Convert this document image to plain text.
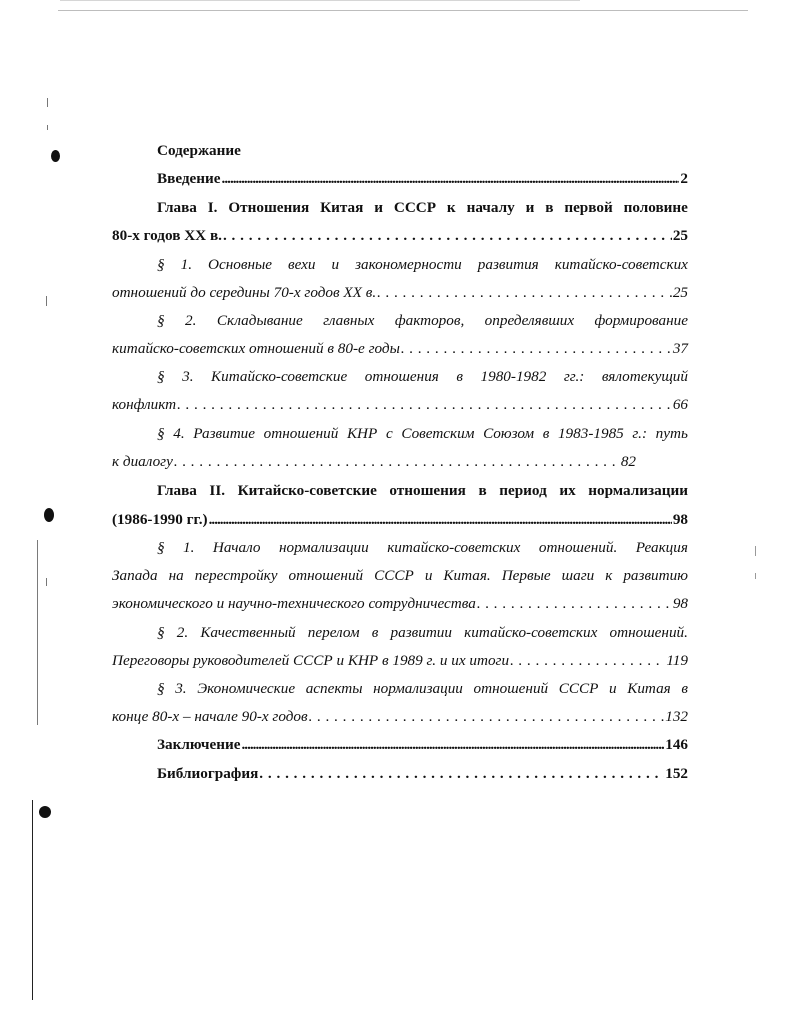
Содержание
Введение .....	2
Глава I. Отношения Китая и СССР к началу и в первой половине
80-х годов ХХ в. . . .	25
§ 1. Основные вехи и закономерности развития китайско-советских
отношений до середины 70-х годов ХХ в. . . .	25
§ 2. Складывание главных факторов, определявших формирование
китайско-советских отношений в 80-е годы . . .	37
§ 3. Китайско-советские отношения в 1980-1982 гг.: вялотекущий
конфликт . . .	66
§ 4. Развитие отношений КНР с Советским Союзом в 1983-1985 г.: путь
к диалогу . . .	82
Глава II. Китайско-советские отношения в период их нормализации
(1986-1990 гг.) .....	98
§ 1. Начало нормализации китайско-советских отношений. Реакция
Запада на перестройку отношений СССР и Китая. Первые шаги к развитию
экономического и научно-технического сотрудничества . . .	98
§ 2. Качественный перелом в развитии китайско-советских отношений.
Переговоры руководителей СССР и КНР в 1989 г. и их итоги . . .	119
§ 3. Экономические аспекты нормализации отношений СССР и Китая в
конце 80-х – начале 90-х годов . . .	132
Заключение .....	146
Библиография . . .	152
